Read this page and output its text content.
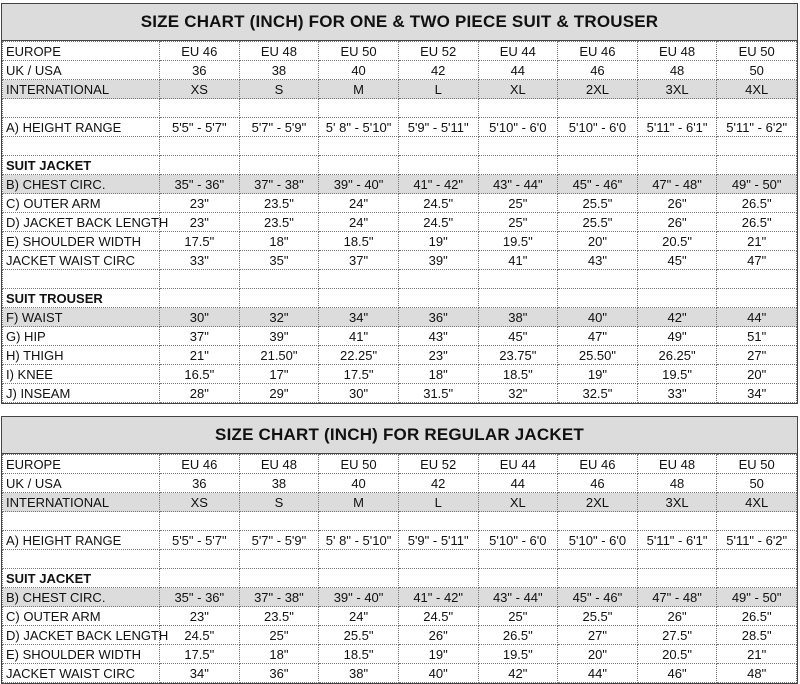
SIZE CHART (INCH) FOR ONE & TWO PIECE SUIT & TROUSER
EUROPE	EU 46	EU 48	EU 50	EU 52	EU 44	EU 46	EU 48	EU 50
UK / USA	36	38	40	42	44	46	48	50
INTERNATIONAL	XS	S	M	L	XL	2XL	3XL	4XL

A) HEIGHT RANGE	5'5" - 5'7"	5'7" - 5'9"	5' 8" - 5'10"	5'9" - 5'11"	5'10" - 6'0	5'10" - 6'0	5'11" - 6'1"	5'11" - 6'2"

SUIT JACKET								
B) CHEST CIRC.	35" - 36"	37" - 38"	39" - 40"	41" - 42"	43" - 44"	45" - 46"	47" - 48"	49" - 50"
C) OUTER ARM	23"	23.5"	24"	24.5"	25"	25.5"	26"	26.5"
D) JACKET BACK LENGTH	23"	23.5"	24"	24.5"	25"	25.5"	26"	26.5"
E) SHOULDER WIDTH	17.5"	18"	18.5"	19"	19.5"	20"	20.5"	21"
JACKET WAIST CIRC	33"	35"	37"	39"	41"	43"	45"	47"

SUIT TROUSER								
F) WAIST	30"	32"	34"	36"	38"	40"	42"	44"
G) HIP	37"	39"	41"	43"	45"	47"	49"	51"
H) THIGH	21"	21.50"	22.25"	23"	23.75"	25.50"	26.25"	27"
I) KNEE	16.5"	17"	17.5"	18"	18.5"	19"	19.5"	20"
J) INSEAM	28"	29"	30"	31.5"	32"	32.5"	33"	34"
SIZE CHART (INCH) FOR REGULAR JACKET
EUROPE	EU 46	EU 48	EU 50	EU 52	EU 44	EU 46	EU 48	EU 50
UK / USA	36	38	40	42	44	46	48	50
INTERNATIONAL	XS	S	M	L	XL	2XL	3XL	4XL

A) HEIGHT RANGE	5'5" - 5'7"	5'7" - 5'9"	5' 8" - 5'10"	5'9" - 5'11"	5'10" - 6'0	5'10" - 6'0	5'11" - 6'1"	5'11" - 6'2"

SUIT JACKET								
B) CHEST CIRC.	35" - 36"	37" - 38"	39" - 40"	41" - 42"	43" - 44"	45" - 46"	47" - 48"	49" - 50"
C) OUTER ARM	23"	23.5"	24"	24.5"	25"	25.5"	26"	26.5"
D) JACKET BACK LENGTH	24.5"	25"	25.5"	26"	26.5"	27"	27.5"	28.5"
E) SHOULDER WIDTH	17.5"	18"	18.5"	19"	19.5"	20"	20.5"	21"
JACKET WAIST CIRC	34"	36"	38"	40"	42"	44"	46"	48"
